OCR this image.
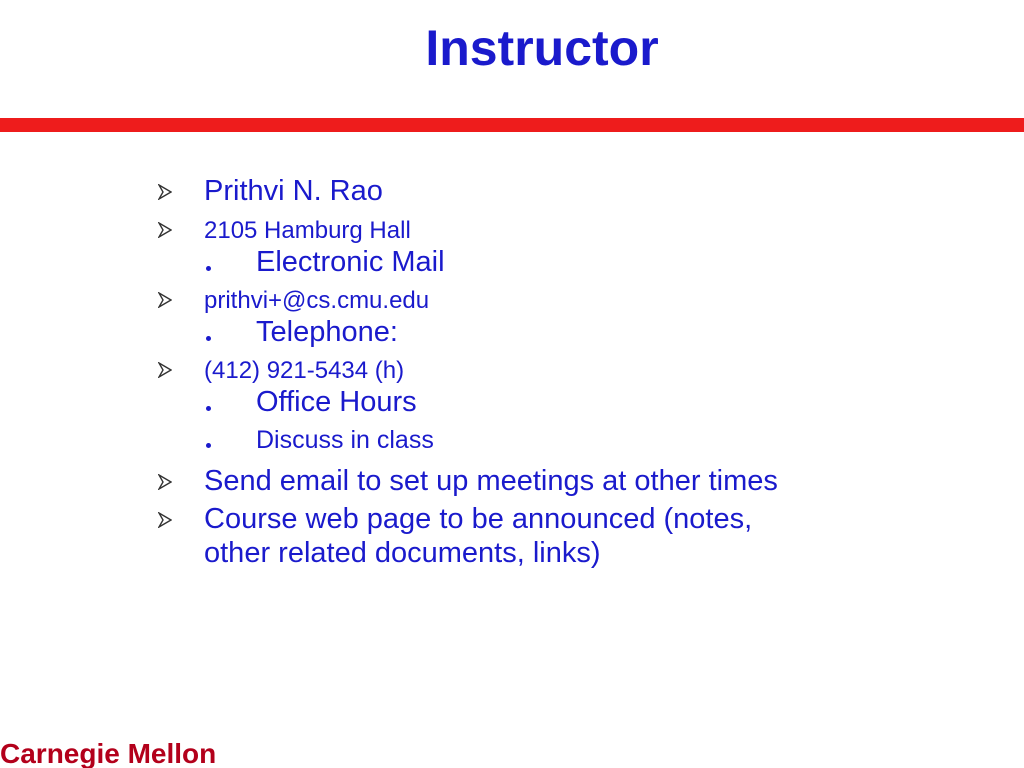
Instructor
Prithvi N. Rao
2105 Hamburg Hall
Electronic Mail
prithvi+@cs.cmu.edu
Telephone:
(412) 921-5434 (h)
Office Hours
Discuss in class
Send email to set up meetings at other times
Course web page to be announced (notes, other related documents, links)
Carnegie Mellon
